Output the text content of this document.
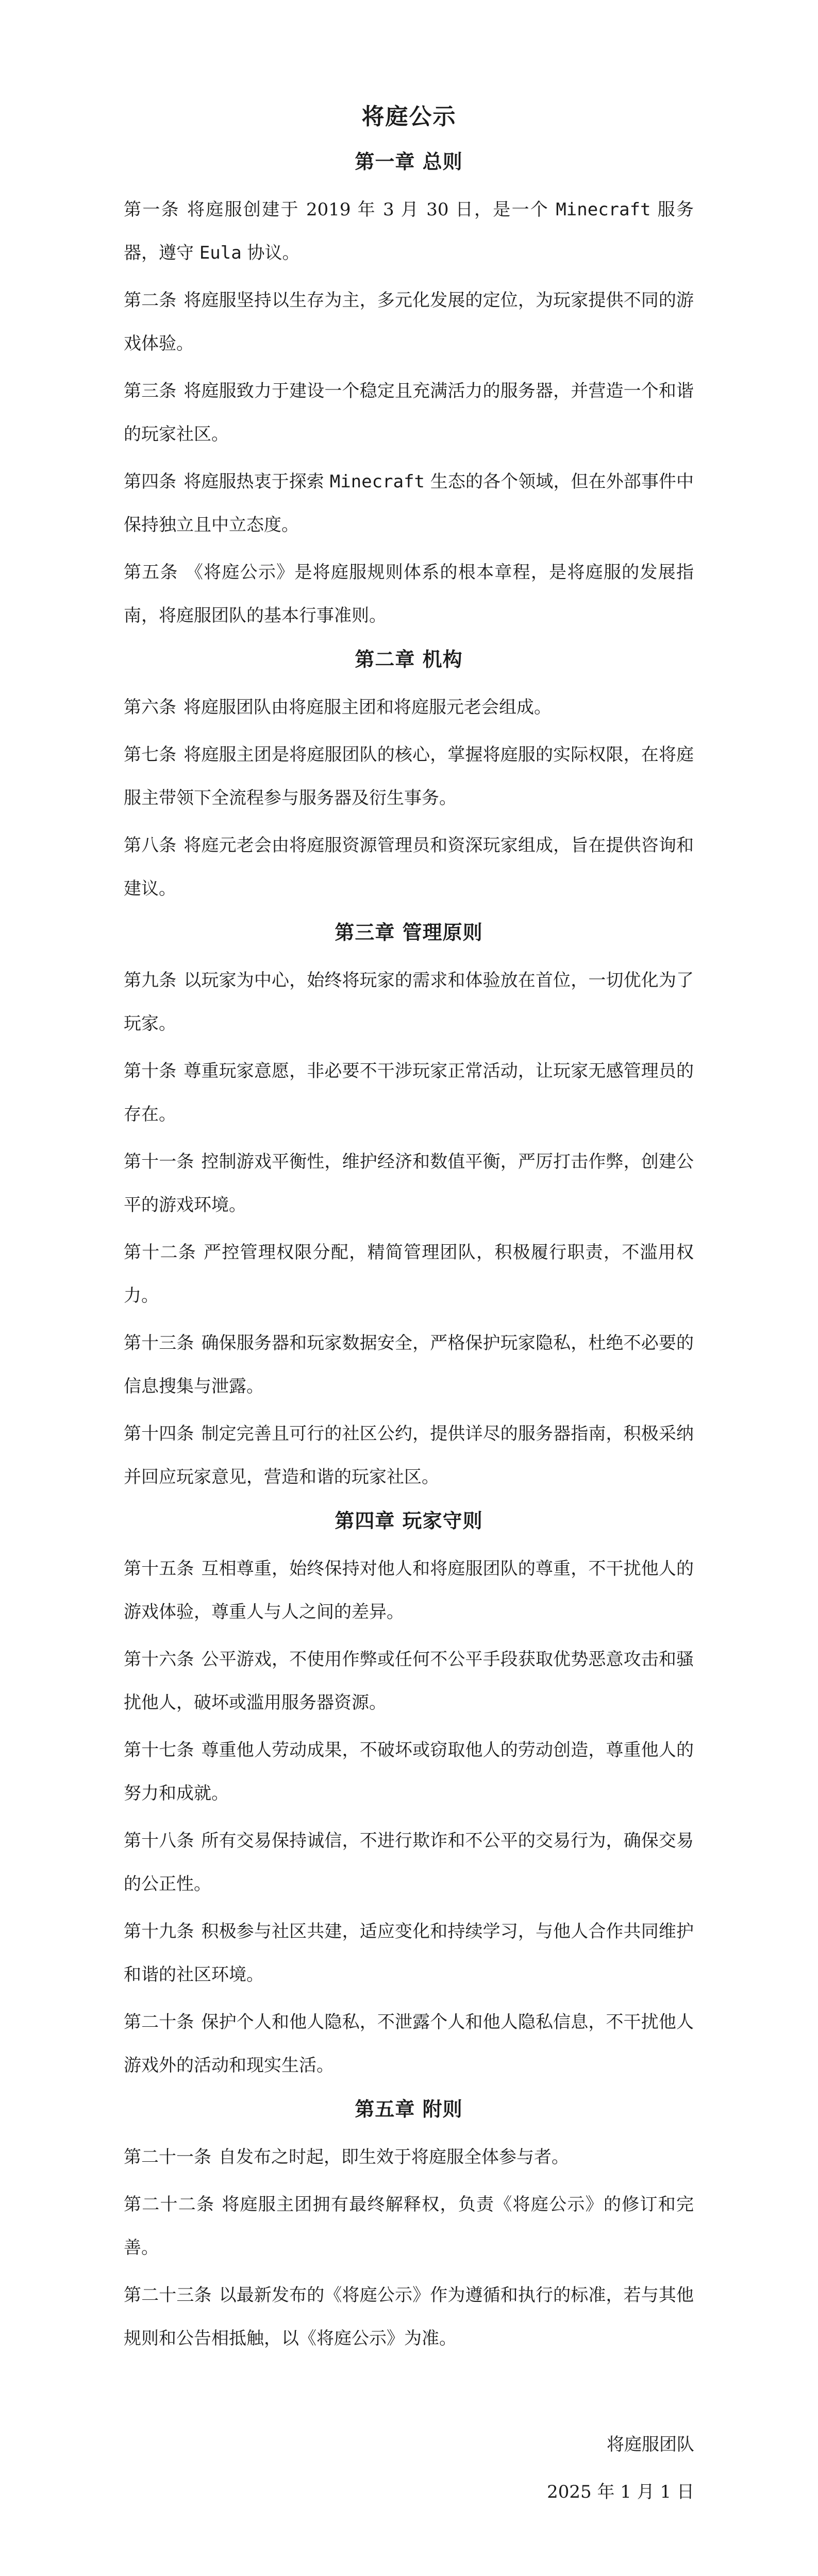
将庭公示
第一章 总则
第一条 将庭服创建于 2019 年 3 月 30 日，是一个 Minecraft 服务器，遵守 Eula 协议。
第二条 将庭服坚持以生存为主，多元化发展的定位，为玩家提供不同的游戏体验。
第三条 将庭服致力于建设一个稳定且充满活力的服务器，并营造一个和谐的玩家社区。
第四条 将庭服热衷于探索 Minecraft 生态的各个领域，但在外部事件中保持独立且中立态度。
第五条 《将庭公示》是将庭服规则体系的根本章程，是将庭服的发展指南，将庭服团队的基本行事准则。
第二章 机构
第六条 将庭服团队由将庭服主团和将庭服元老会组成。
第七条 将庭服主团是将庭服团队的核心，掌握将庭服的实际权限，在将庭服主带领下全流程参与服务器及衍生事务。
第八条 将庭元老会由将庭服资源管理员和资深玩家组成，旨在提供咨询和建议。
第三章 管理原则
第九条 以玩家为中心，始终将玩家的需求和体验放在首位，一切优化为了玩家。
第十条 尊重玩家意愿，非必要不干涉玩家正常活动，让玩家无感管理员的存在。
第十一条 控制游戏平衡性，维护经济和数值平衡，严厉打击作弊，创建公平的游戏环境。
第十二条 严控管理权限分配，精简管理团队，积极履行职责，不滥用权力。
第十三条 确保服务器和玩家数据安全，严格保护玩家隐私，杜绝不必要的信息搜集与泄露。
第十四条 制定完善且可行的社区公约，提供详尽的服务器指南，积极采纳并回应玩家意见，营造和谐的玩家社区。
第四章 玩家守则
第十五条 互相尊重，始终保持对他人和将庭服团队的尊重，不干扰他人的游戏体验，尊重人与人之间的差异。
第十六条 公平游戏，不使用作弊或任何不公平手段获取优势恶意攻击和骚扰他人，破坏或滥用服务器资源。
第十七条 尊重他人劳动成果，不破坏或窃取他人的劳动创造，尊重他人的努力和成就。
第十八条 所有交易保持诚信，不进行欺诈和不公平的交易行为，确保交易的公正性。
第十九条 积极参与社区共建，适应变化和持续学习，与他人合作共同维护和谐的社区环境。
第二十条 保护个人和他人隐私，不泄露个人和他人隐私信息，不干扰他人游戏外的活动和现实生活。
第五章 附则
第二十一条 自发布之时起，即生效于将庭服全体参与者。
第二十二条 将庭服主团拥有最终解释权，负责《将庭公示》的修订和完善。
第二十三条 以最新发布的《将庭公示》作为遵循和执行的标准，若与其他规则和公告相抵触，以《将庭公示》为准。
将庭服团队
2025 年 1 月 1 日
